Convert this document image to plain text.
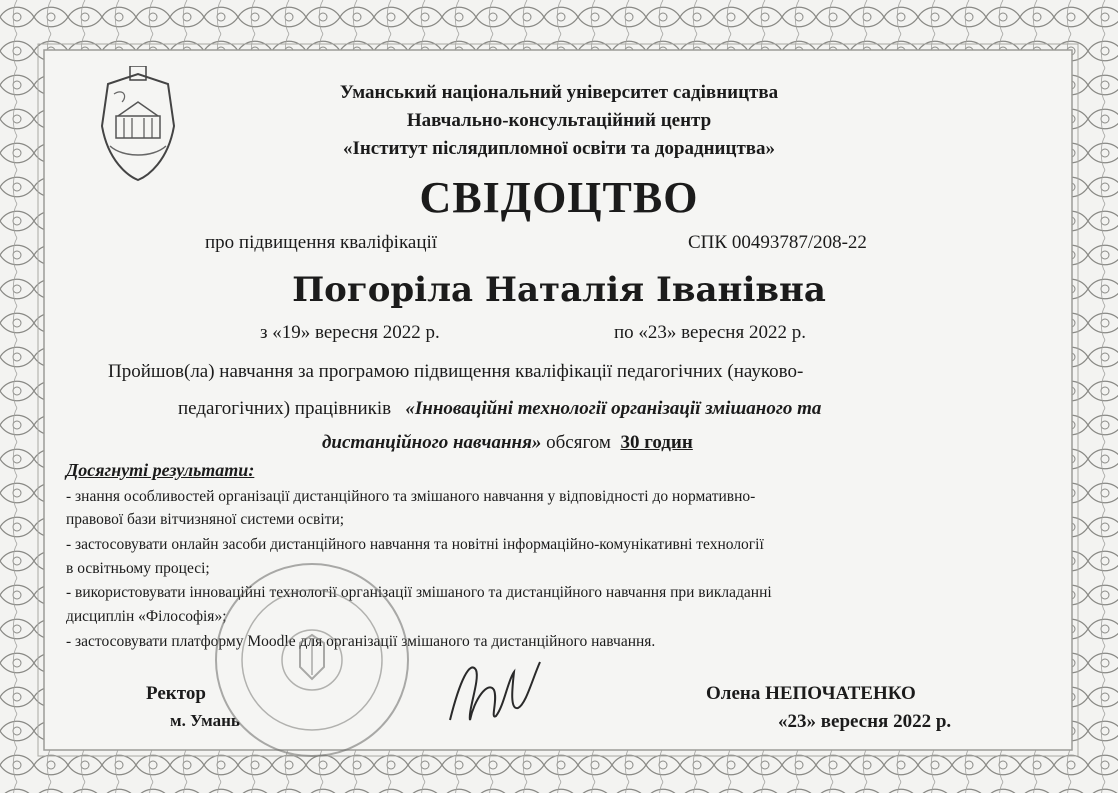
Уманський національний університет садівництва
Навчально-консультаційний центр
«Інститут післядипломної освіти та дорадництва»
СВІДОЦТВО
про підвищення кваліфікації	СПК 00493787/208-22
Погоріла Наталія Іванівна
з «19» вересня 2022 р.	по «23» вересня 2022 р.
Пройшов(ла) навчання за програмою підвищення кваліфікації педагогічних (науково-
педагогічних) працівників «Інноваційні технології організації змішаного та
дистанційного навчання» обсягом 30 годин
Досягнуті результати:
- знання особливостей організації дистанційного та змішаного навчання у відповідності до нормативно-
правової бази вітчизняної системи освіти;
- застосовувати онлайн засоби дистанційного навчання та новітні інформаційно-комунікативні технології
в освітньому процесі;
- використовувати інноваційні технології організації змішаного та дистанційного навчання при викладанні
дисциплін «Філософія»;
- застосовувати платформу Moodle для організації змішаного та дистанційного навчання.
Ректор
м. Умань
Олена НЕПОЧАТЕНКО
«23» вересня 2022 р.
